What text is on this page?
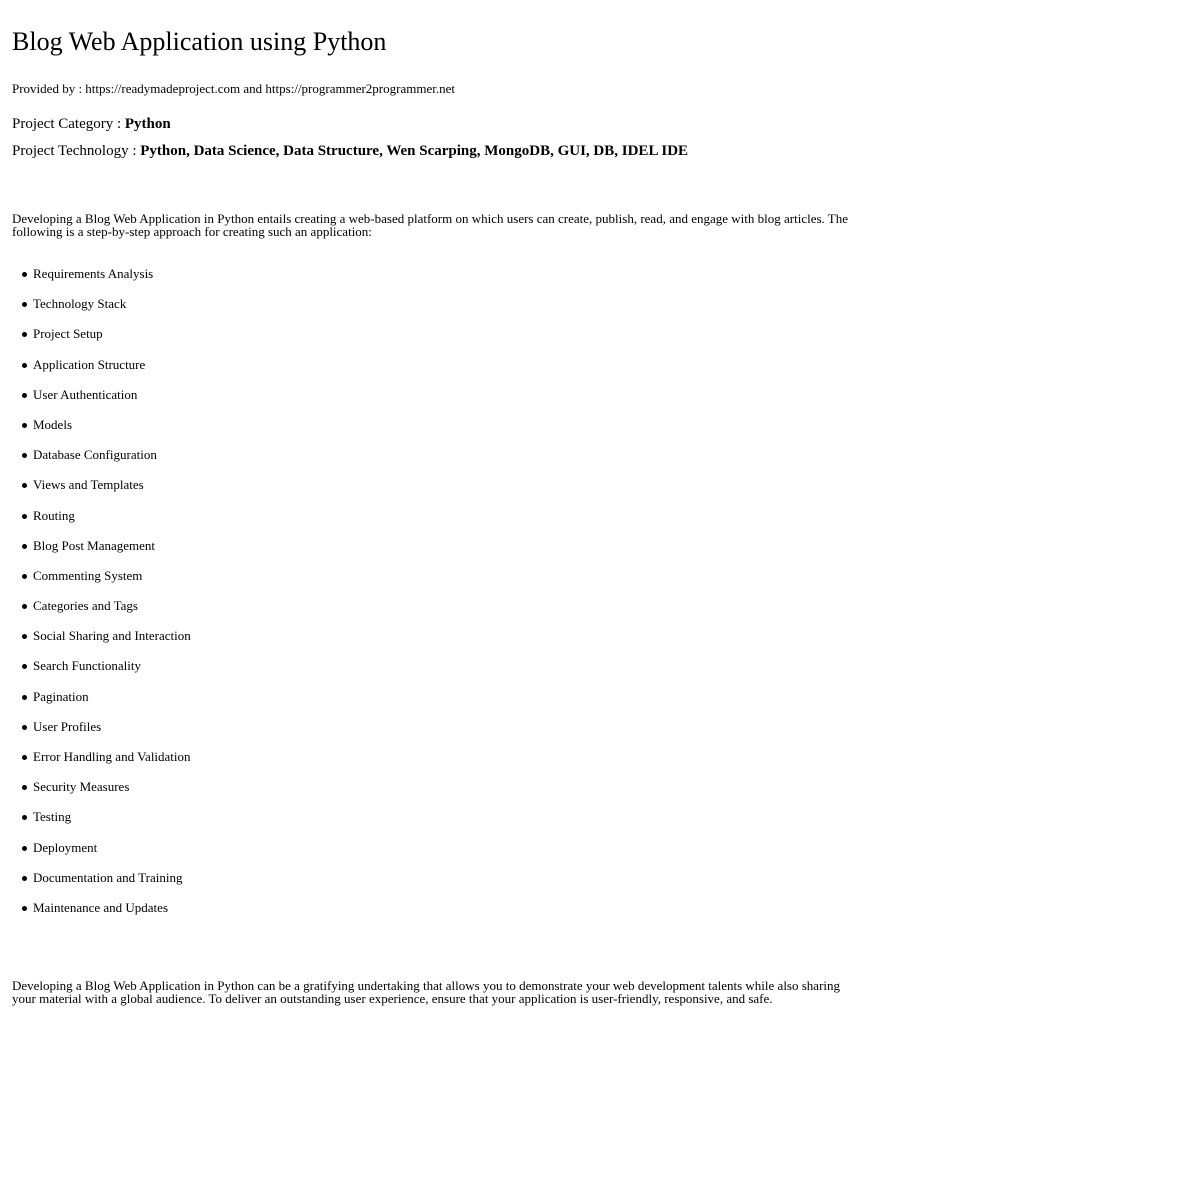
Blog Web Application using Python
Provided by : https://readymadeproject.com and https://programmer2programmer.net
Project Category : Python
Project Technology : Python, Data Science, Data Structure, Wen Scarping, MongoDB, GUI, DB, IDEL IDE

Developing a Blog Web Application in Python entails creating a web-based platform on which users can create, publish, read, and engage with blog articles. The following is a step-by-step approach for creating such an application:

Requirements Analysis
Technology Stack
Project Setup
Application Structure
User Authentication
Models
Database Configuration
Views and Templates
Routing
Blog Post Management
Commenting System
Categories and Tags
Social Sharing and Interaction
Search Functionality
Pagination
User Profiles
Error Handling and Validation
Security Measures
Testing
Deployment
Documentation and Training
Maintenance and Updates

Developing a Blog Web Application in Python can be a gratifying undertaking that allows you to demonstrate your web development talents while also sharing your material with a global audience. To deliver an outstanding user experience, ensure that your application is user-friendly, responsive, and safe.
